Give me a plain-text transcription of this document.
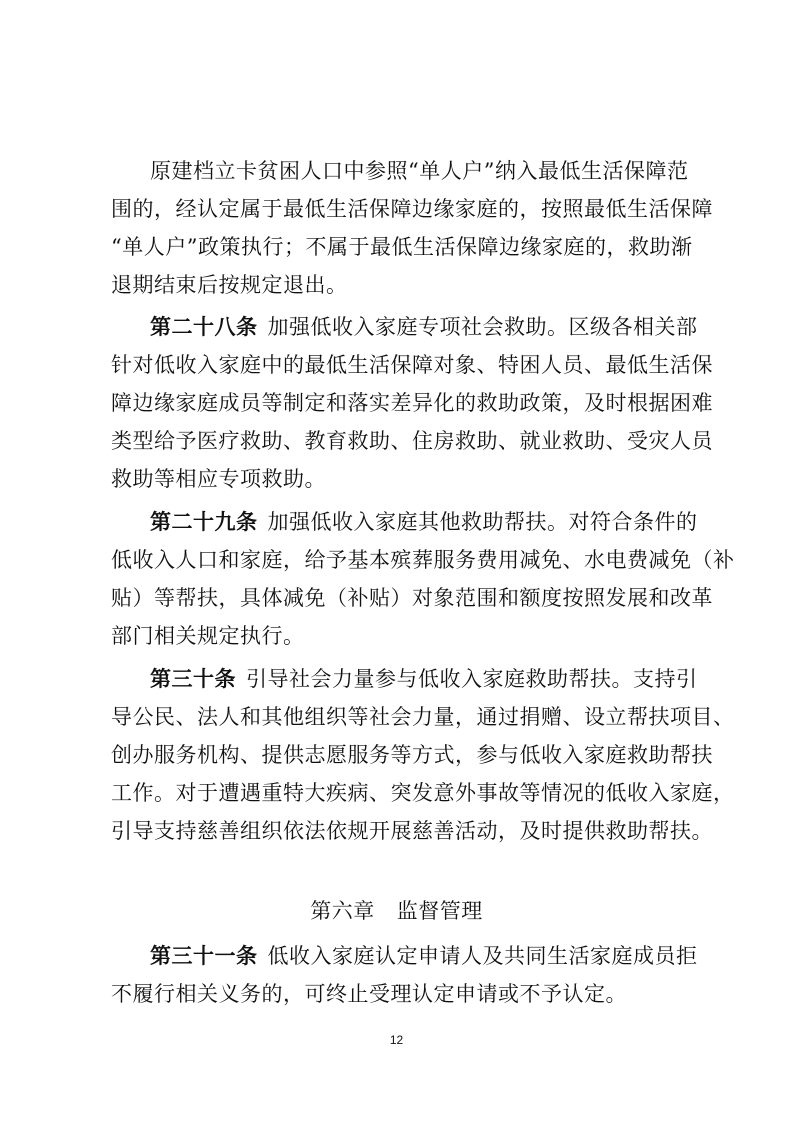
原建档立卡贫困人口中参照“单人户”纳入最低生活保障范
围的，经认定属于最低生活保障边缘家庭的，按照最低生活保障
“单人户”政策执行；不属于最低生活保障边缘家庭的，救助渐
退期结束后按规定退出。
第二十八条 加强低收入家庭专项社会救助。区级各相关部
针对低收入家庭中的最低生活保障对象、特困人员、最低生活保
障边缘家庭成员等制定和落实差异化的救助政策，及时根据困难
类型给予医疗救助、教育救助、住房救助、就业救助、受灾人员
救助等相应专项救助。
第二十九条 加强低收入家庭其他救助帮扶。对符合条件的
低收入人口和家庭，给予基本殡葬服务费用减免、水电费减免（补
贴）等帮扶，具体减免（补贴）对象范围和额度按照发展和改革
部门相关规定执行。
第三十条 引导社会力量参与低收入家庭救助帮扶。支持引
导公民、法人和其他组织等社会力量，通过捐赠、设立帮扶项目、
创办服务机构、提供志愿服务等方式，参与低收入家庭救助帮扶
工作。对于遭遇重特大疾病、突发意外事故等情况的低收入家庭，
引导支持慈善组织依法依规开展慈善活动，及时提供救助帮扶。
第六章 监督管理
第三十一条 低收入家庭认定申请人及共同生活家庭成员拒
不履行相关义务的，可终止受理认定申请或不予认定。
12
